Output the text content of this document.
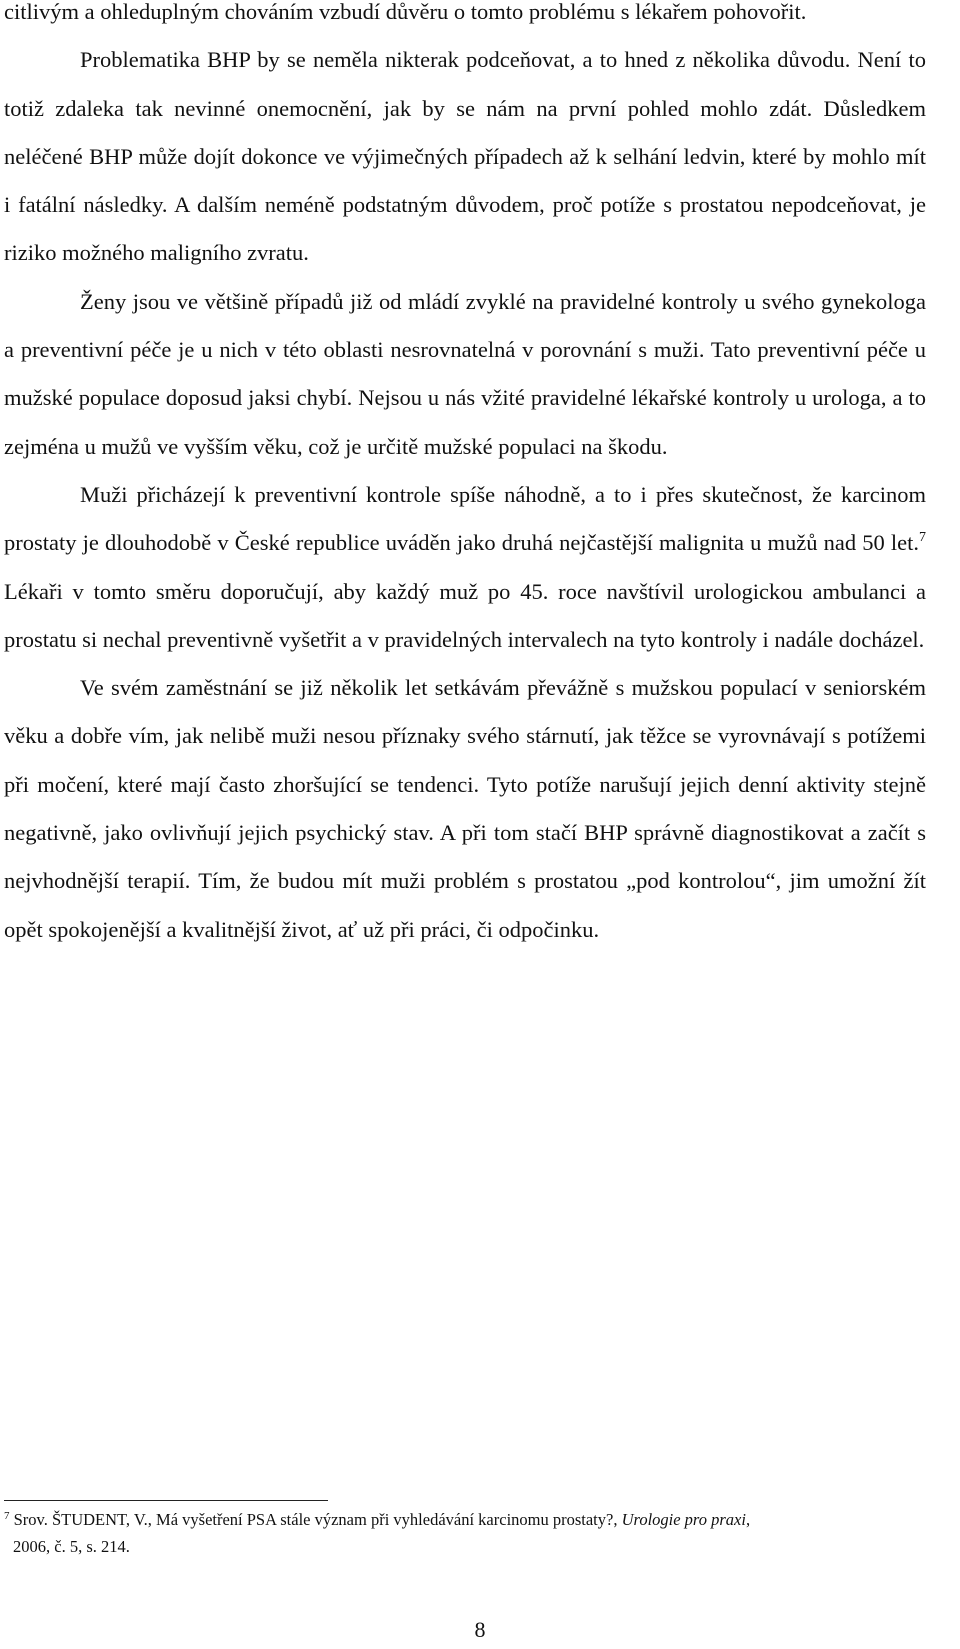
citlivým a ohleduplným chováním vzbudí důvěru o tomto problému s lékařem pohovořit.

Problematika BHP by se neměla nikterak podceňovat, a to hned z několika důvodu. Není to totiž zdaleka tak nevinné onemocnění, jak by se nám na první pohled mohlo zdát. Důsledkem neléčené BHP může dojít dokonce ve výjimečných případech až k selhání ledvin, které by mohlo mít i fatální následky. A dalším neméně podstatným důvodem, proč potíže s prostatou nepodceňovat, je riziko možného maligního zvratu.

Ženy jsou ve většině případů již od mládí zvyklé na pravidelné kontroly u svého gynekologa a preventivní péče je u nich v této oblasti nesrovnatelná v porovnání s muži. Tato preventivní péče u mužské populace doposud jaksi chybí. Nejsou u nás vžité pravidelné lékařské kontroly u urologa, a to zejména u mužů ve vyšším věku, což je určitě mužské populaci na škodu.

Muži přicházejí k preventivní kontrole spíše náhodně, a to i přes skutečnost, že karcinom prostaty je dlouhodobě v České republice uváděn jako druhá nejčastější malignita u mužů nad 50 let.$^7$ Lékaři v tomto směru doporučují, aby každý muž po 45. roce navštívil urologickou ambulanci a prostatu si nechal preventivně vyšetřit a v pravidelných intervalech na tyto kontroly i nadále docházel.

Ve svém zaměstnání se již několik let setkávám převážně s mužskou populací v seniorském věku a dobře vím, jak nelibě muži nesou příznaky svého stárnutí, jak těžce se vyrovnávají s potížemi při močení, které mají často zhoršující se tendenci. Tyto potíže narušují jejich denní aktivity stejně negativně, jako ovlivňují jejich psychický stav. A při tom stačí BHP správně diagnostikovat a začít s nejvhodnější terapií. Tím, že budou mít muži problém s prostatou „pod kontrolou“, jim umožní žít opět spokojenější a kvalitnější život, ať už při práci, či odpočinku.

$^7$ Srov. ŠTUDENT, V., Má vyšetření PSA stále význam při vyhledávání karcinomu prostaty?, Urologie pro praxi,
2006, č. 5, s. 214.

8
